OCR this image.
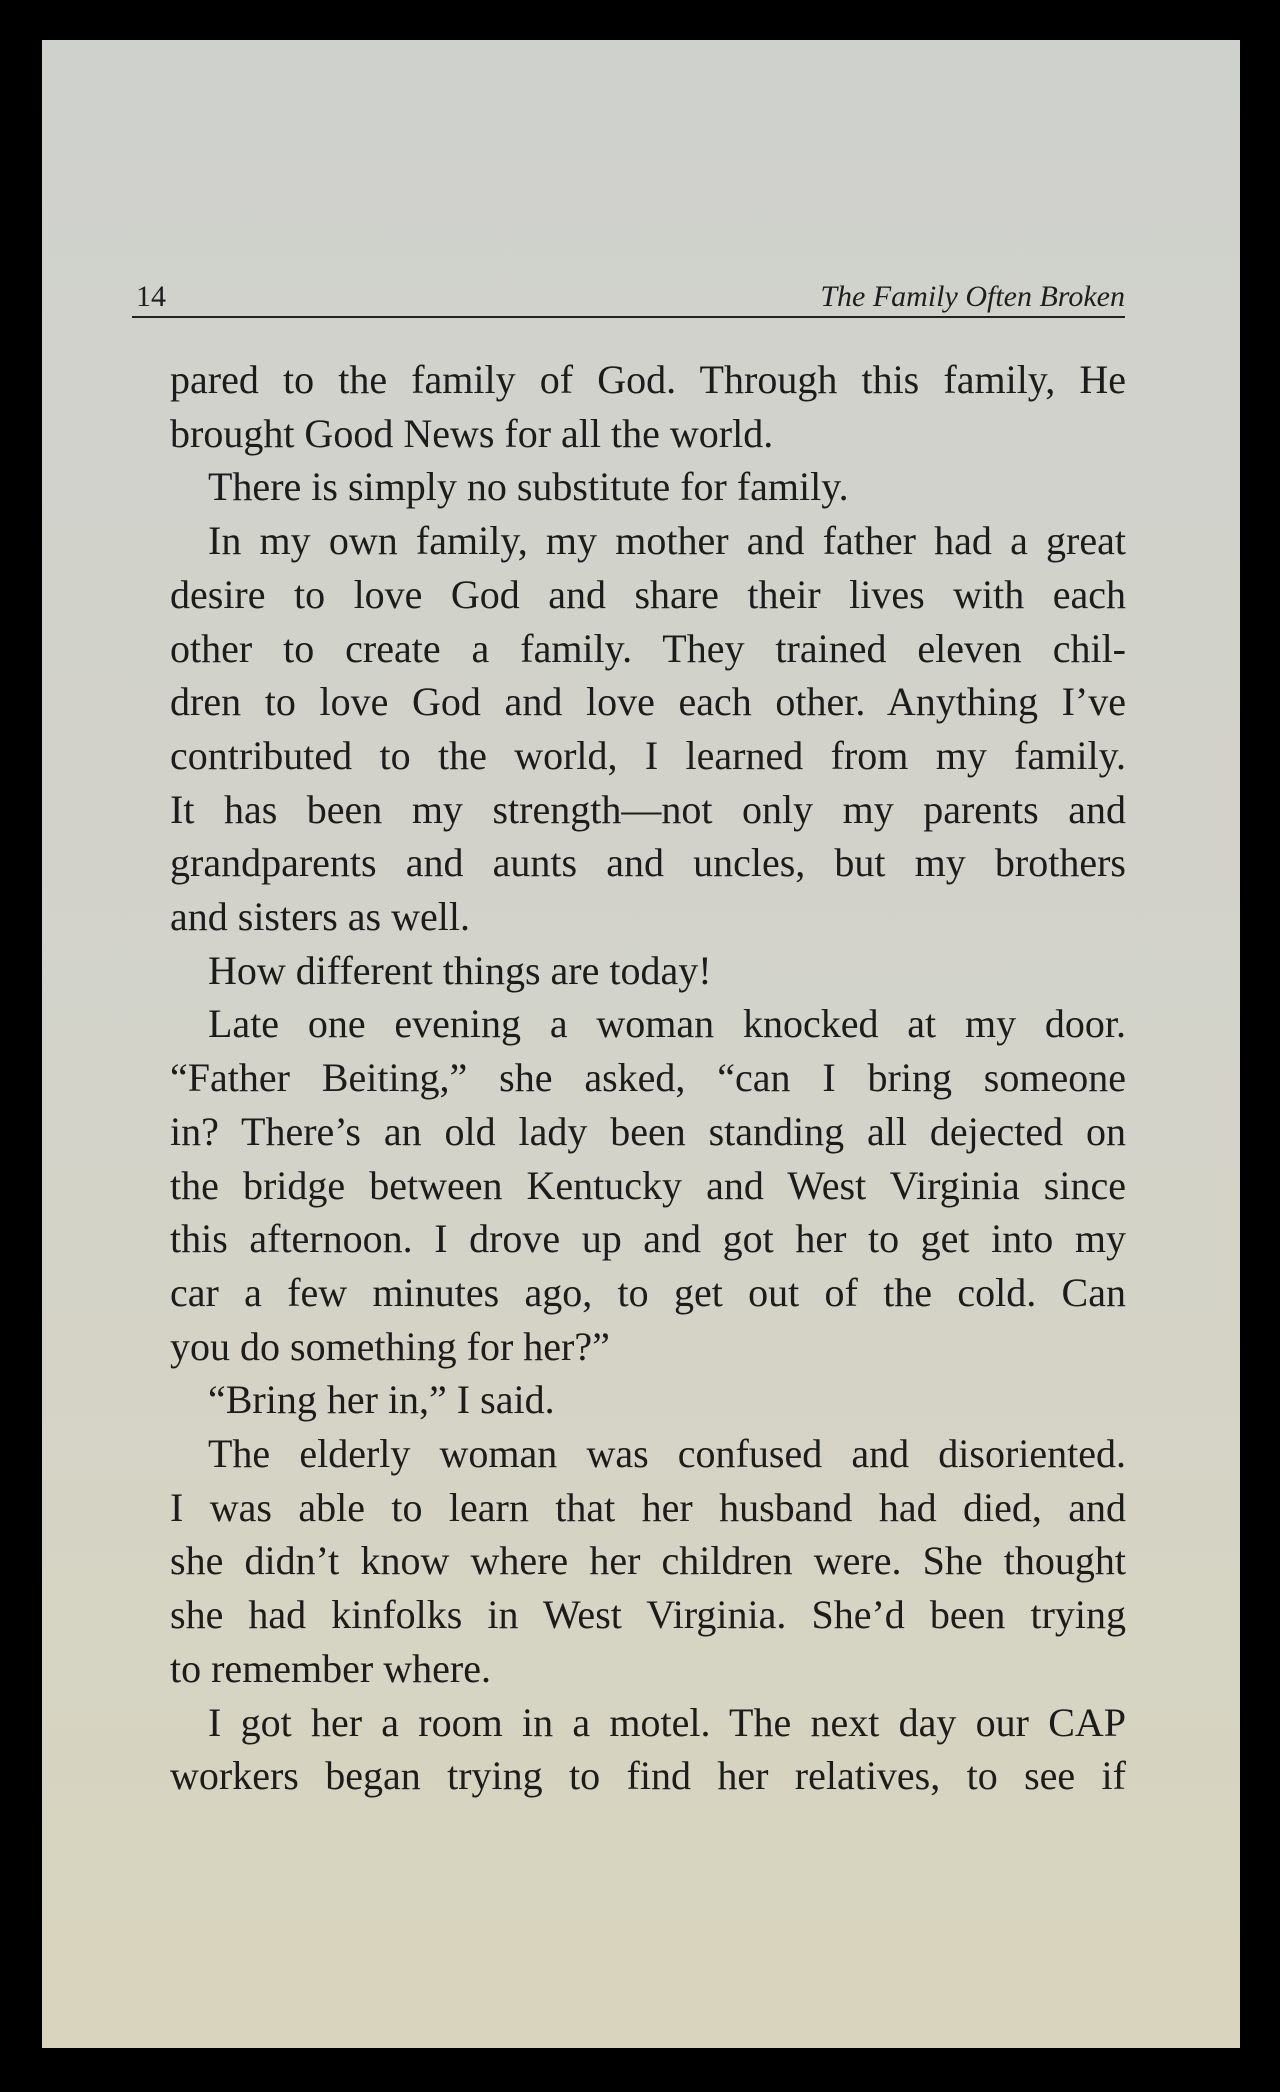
14	The Family Often Broken
pared to the family of God. Through this family, He
brought Good News for all the world.
There is simply no substitute for family.
In my own family, my mother and father had a great
desire to love God and share their lives with each
other to create a family. They trained eleven chil-
dren to love God and love each other. Anything I’ve
contributed to the world, I learned from my family.
It has been my strength—not only my parents and
grandparents and aunts and uncles, but my brothers
and sisters as well.
How different things are today!
Late one evening a woman knocked at my door.
“Father Beiting,” she asked, “can I bring someone
in? There’s an old lady been standing all dejected on
the bridge between Kentucky and West Virginia since
this afternoon. I drove up and got her to get into my
car a few minutes ago, to get out of the cold. Can
you do something for her?”
“Bring her in,” I said.
The elderly woman was confused and disoriented.
I was able to learn that her husband had died, and
she didn’t know where her children were. She thought
she had kinfolks in West Virginia. She’d been trying
to remember where.
I got her a room in a motel. The next day our CAP
workers began trying to find her relatives, to see if
